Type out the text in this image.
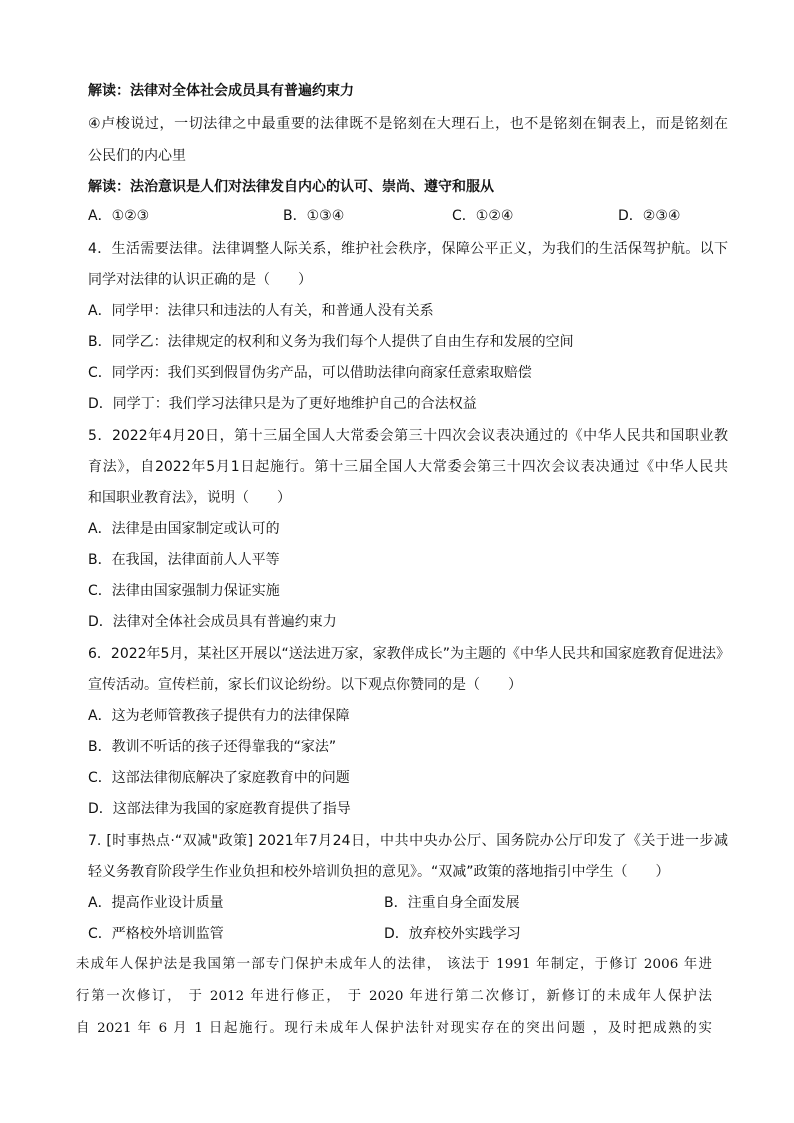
解读：法律对全体社会成员具有普遍约束力
④卢梭说过，一切法律之中最重要的法律既不是铭刻在大理石上，也不是铭刻在铜表上，而是铭刻在
公民们的内心里
解读：法治意识是人们对法律发自内心的认可、崇尚、遵守和服从
A．①②③	B．①③④	C．①②④	D．②③④
4．生活需要法律。法律调整人际关系，维护社会秩序，保障公平正义，为我们的生活保驾护航。以下
同学对法律的认识正确的是（　　）
A．同学甲：法律只和违法的人有关，和普通人没有关系
B．同学乙：法律规定的权利和义务为我们每个人提供了自由生存和发展的空间
C．同学丙：我们买到假冒伪劣产品，可以借助法律向商家任意索取赔偿
D．同学丁：我们学习法律只是为了更好地维护自己的合法权益
5．2022年4月20日，第十三届全国人大常委会第三十四次会议表决通过的《中华人民共和国职业教
育法》，自2022年5月1日起施行。第十三届全国人大常委会第三十四次会议表决通过《中华人民共
和国职业教育法》，说明（　　）
A．法律是由国家制定或认可的
B．在我国，法律面前人人平等
C．法律由国家强制力保证实施
D．法律对全体社会成员具有普遍约束力
6．2022年5月，某社区开展以“送法进万家，家教伴成长”为主题的《中华人民共和国家庭教育促进法》
宣传活动。宣传栏前，家长们议论纷纷。以下观点你赞同的是（　　）
A．这为老师管教孩子提供有力的法律保障
B．教训不听话的孩子还得靠我的“家法”
C．这部法律彻底解决了家庭教育中的问题
D．这部法律为我国的家庭教育提供了指导
7. [时事热点·“双减"政策] 2021年7月24日，中共中央办公厅、国务院办公厅印发了《关于进一步减
轻义务教育阶段学生作业负担和校外培训负担的意见》。“双减”政策的落地指引中学生（　　）
A．提高作业设计质量	B．注重自身全面发展
C．严格校外培训监管	D．放弃校外实践学习
未成年人保护法是我国第一部专门保护未成年人的法律， 该法于 1991 年制定，于修订 2006 年进
行第一次修订， 于 2012 年进行修正， 于 2020 年进行第二次修订，新修订的未成年人保护法
自 2021 年 6 月 1 日起施行。现行未成年人保护法针对现实存在的突出问题 ，及时把成熟的实
